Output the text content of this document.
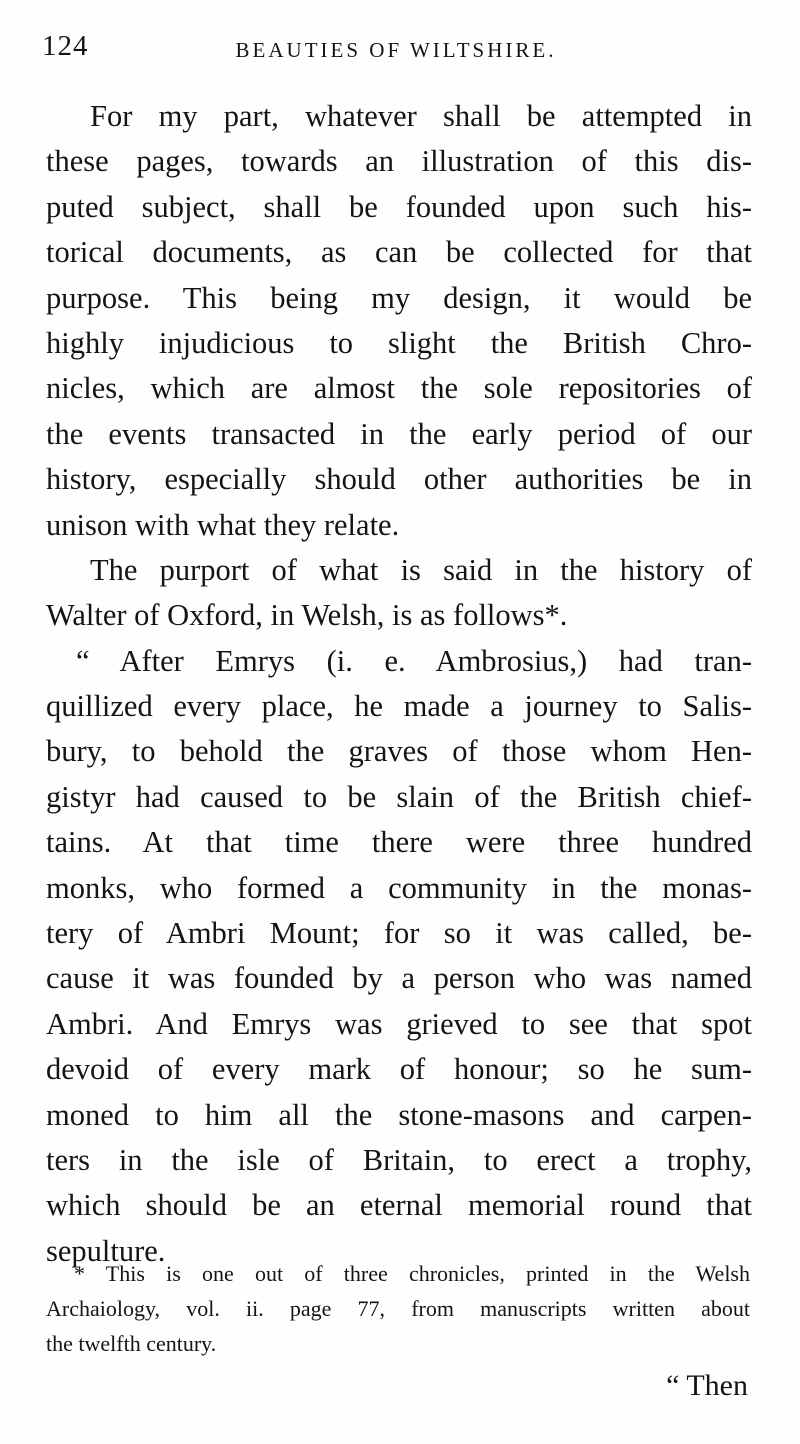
124	BEAUTIES OF WILTSHIRE.
For my part, whatever shall be attempted in
these pages, towards an illustration of this dis-
puted subject, shall be founded upon such his-
torical documents, as can be collected for that
purpose. This being my design, it would be
highly injudicious to slight the British Chro-
nicles, which are almost the sole repositories of
the events transacted in the early period of our
history, especially should other authorities be in
unison with what they relate.
The purport of what is said in the history of
Walter of Oxford, in Welsh, is as follows*.
“ After Emrys (i. e. Ambrosius,) had tran-
quillized every place, he made a journey to Salis-
bury, to behold the graves of those whom Hen-
gistyr had caused to be slain of the British chief-
tains. At that time there were three hundred
monks, who formed a community in the monas-
tery of Ambri Mount; for so it was called, be-
cause it was founded by a person who was named
Ambri. And Emrys was grieved to see that spot
devoid of every mark of honour; so he sum-
moned to him all the stone-masons and carpen-
ters in the isle of Britain, to erect a trophy,
which should be an eternal memorial round that
sepulture.
* This is one out of three chronicles, printed in the Welsh
Archaiology, vol. ii. page 77, from manuscripts written about
the twelfth century.
“ Then
